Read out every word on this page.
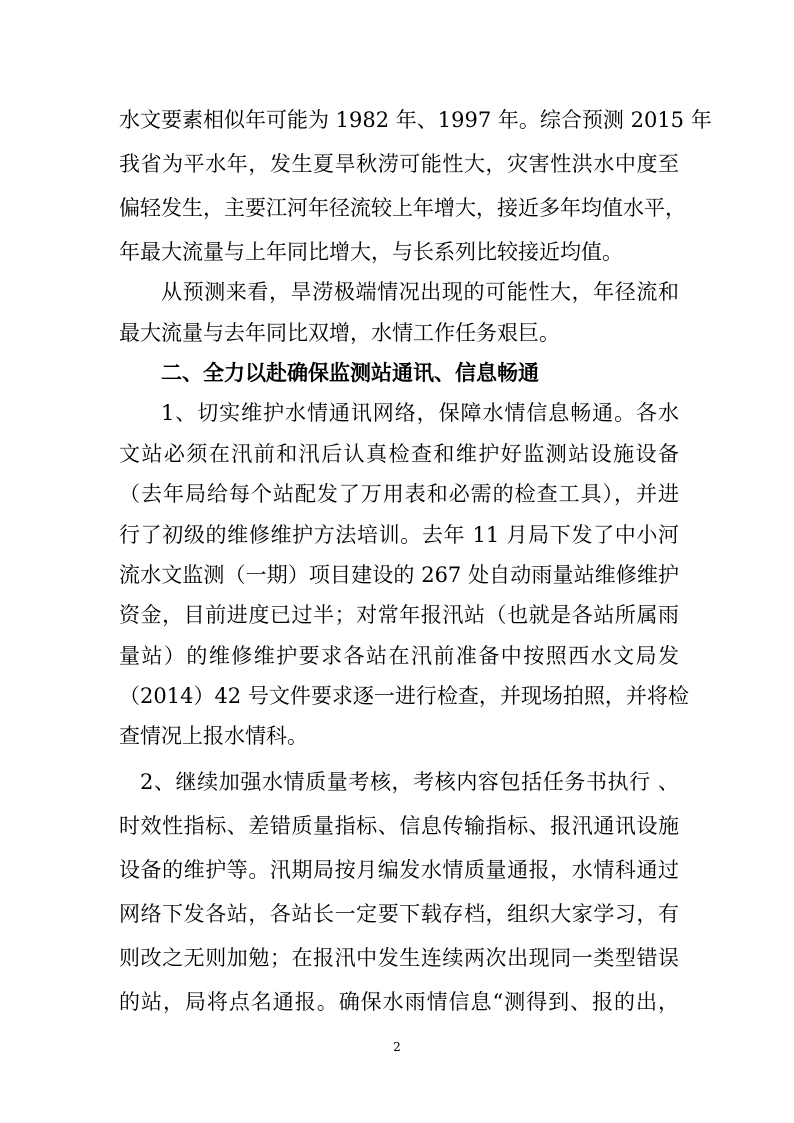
水文要素相似年可能为 1982 年、1997 年。综合预测 2015 年
我省为平水年，发生夏旱秋涝可能性大，灾害性洪水中度至
偏轻发生，主要江河年径流较上年增大，接近多年均值水平，
年最大流量与上年同比增大，与长系列比较接近均值。
从预测来看，旱涝极端情况出现的可能性大，年径流和
最大流量与去年同比双增，水情工作任务艰巨。
二、全力以赴确保监测站通讯、信息畅通
1、切实维护水情通讯网络，保障水情信息畅通。各水
文站必须在汛前和汛后认真检查和维护好监测站设施设备
（去年局给每个站配发了万用表和必需的检查工具），并进
行了初级的维修维护方法培训。去年 11 月局下发了中小河
流水文监测（一期）项目建设的 267 处自动雨量站维修维护
资金，目前进度已过半；对常年报汛站（也就是各站所属雨
量站）的维修维护要求各站在汛前准备中按照西水文局发
（2014）42 号文件要求逐一进行检查，并现场拍照，并将检
查情况上报水情科。
2、继续加强水情质量考核，考核内容包括任务书执行 、
时效性指标、差错质量指标、信息传输指标、报汛通讯设施
设备的维护等。汛期局按月编发水情质量通报，水情科通过
网络下发各站，各站长一定要下载存档，组织大家学习，有
则改之无则加勉；在报汛中发生连续两次出现同一类型错误
的站，局将点名通报。确保水雨情信息“测得到、报的出，
2
